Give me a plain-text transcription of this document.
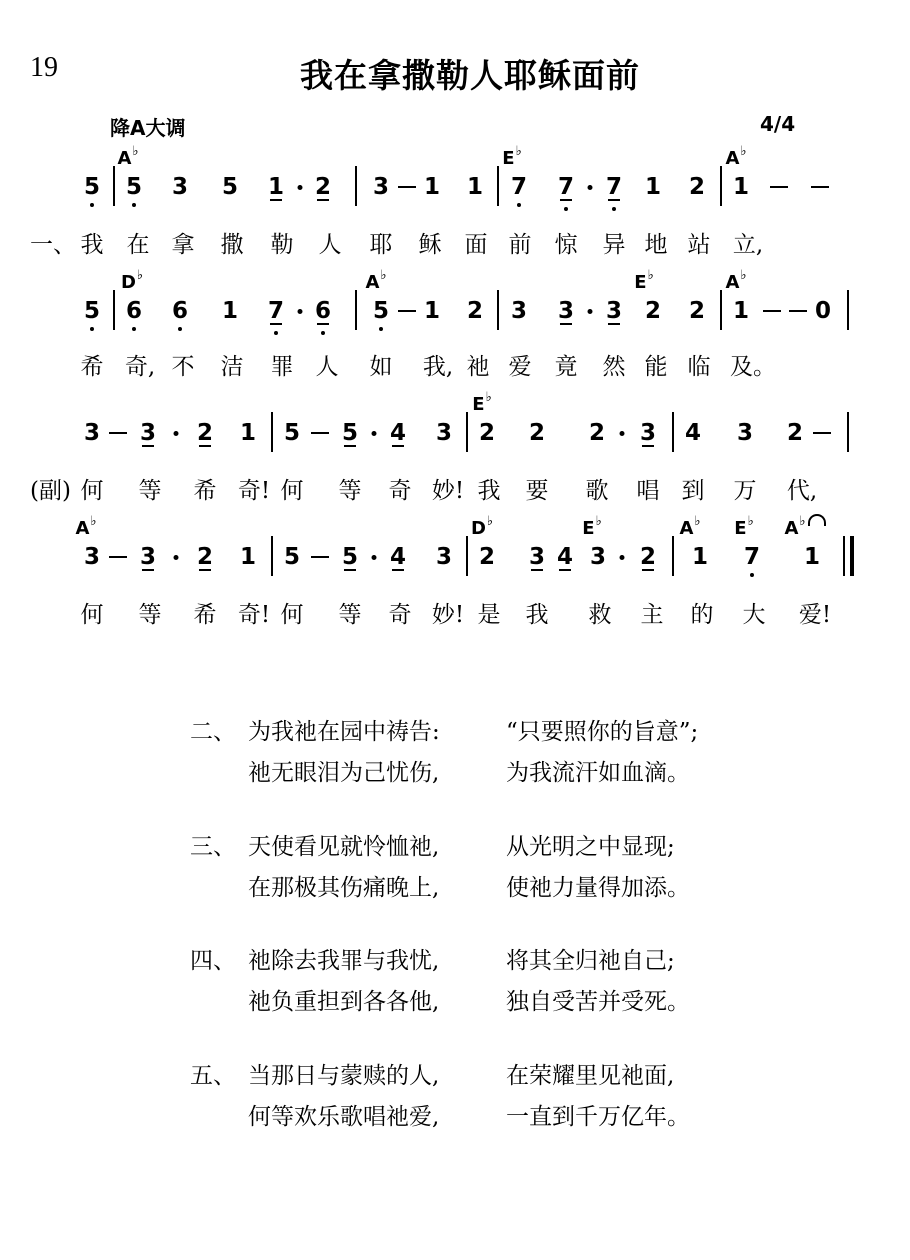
19	我在拿撒勒人耶稣面前
降A大调	4/4
A♭	E♭	A♭
5 5 3 5 1 2 3 1 1 7 7 7 1 2 1
一、 我 在 拿 撒 勒 人 耶 稣 面 前 惊 异 地 站 立,
D♭	A♭	E♭	A♭
5 6 6 1 7 6 5 1 2 3 3 3 2 2 1	0
希 奇, 不 洁 罪 人 如 我, 祂 爱 竟 然 能 临 及。
E♭
3 3 2 1 5 5 4 3 2 2 2 3 4 3 2
(副) 何 等 希 奇! 何 等 奇 妙! 我 要 歌 唱 到 万 代,
A♭	D♭	E♭	A♭ E♭ A♭
3 3 2 1 5 5 4 3 2 3 4 3 2 1 7 1
何 等 希 奇! 何 等 奇 妙! 是 我 救 主 的 大 爱!
二、 为我祂在园中祷告:	“只要照你的旨意”;
祂无眼泪为己忧伤,	为我流汗如血滴。
三、 天使看见就怜恤祂,	从光明之中显现;
在那极其伤痛晚上,	使祂力量得加添。
四、 祂除去我罪与我忧,	将其全归祂自己;
祂负重担到各各他,	独自受苦并受死。
五、 当那日与蒙赎的人,	在荣耀里见祂面,
何等欢乐歌唱祂爱,	一直到千万亿年。
